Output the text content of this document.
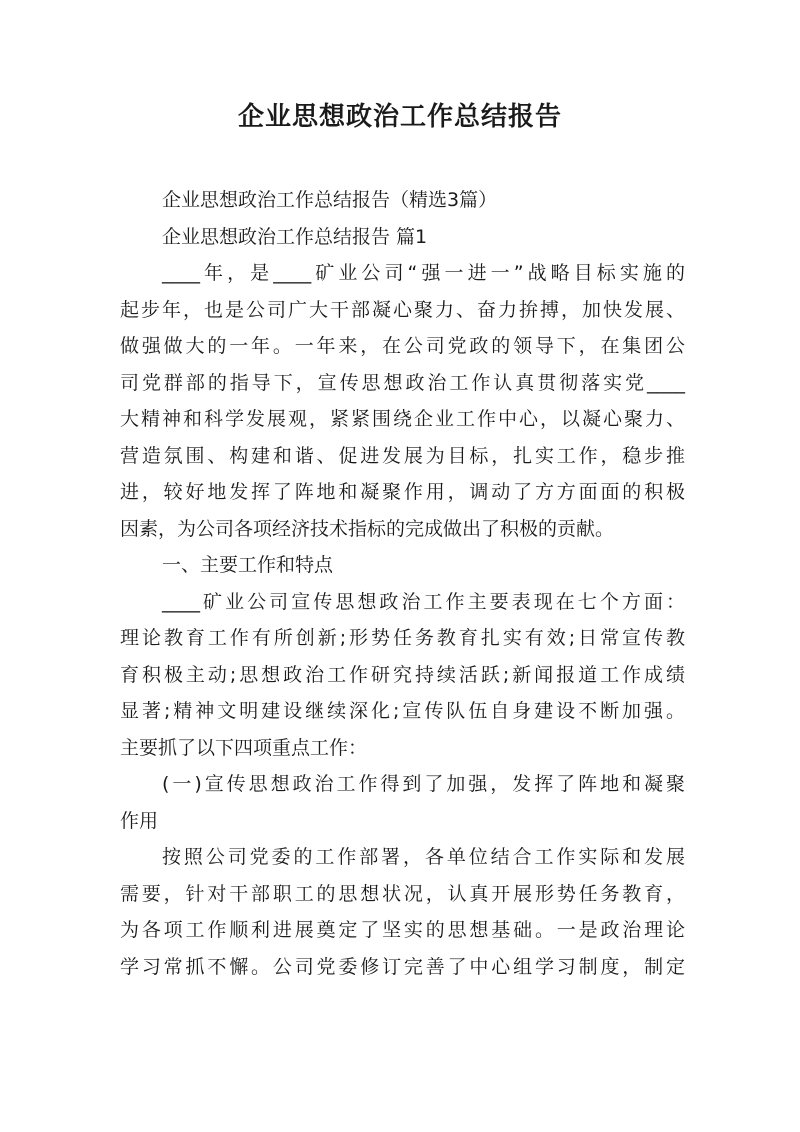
企业思想政治工作总结报告
企业思想政治工作总结报告（精选3篇）
企业思想政治工作总结报告 篇1
____年，是____矿业公司“强一进一”战略目标实施的
起步年，也是公司广大干部凝心聚力、奋力拚搏，加快发展、
做强做大的一年。一年来，在公司党政的领导下，在集团公
司党群部的指导下，宣传思想政治工作认真贯彻落实党____
大精神和科学发展观，紧紧围绕企业工作中心，以凝心聚力、
营造氛围、构建和谐、促进发展为目标，扎实工作，稳步推
进，较好地发挥了阵地和凝聚作用，调动了方方面面的积极
因素，为公司各项经济技术指标的完成做出了积极的贡献。
一、主要工作和特点
____矿业公司宣传思想政治工作主要表现在七个方面：
理论教育工作有所创新;形势任务教育扎实有效;日常宣传教
育积极主动;思想政治工作研究持续活跃;新闻报道工作成绩
显著;精神文明建设继续深化;宣传队伍自身建设不断加强。
主要抓了以下四项重点工作：
(一)宣传思想政治工作得到了加强，发挥了阵地和凝聚
作用
按照公司党委的工作部署，各单位结合工作实际和发展
需要，针对干部职工的思想状况，认真开展形势任务教育，
为各项工作顺利进展奠定了坚实的思想基础。一是政治理论
学习常抓不懈。公司党委修订完善了中心组学习制度，制定
